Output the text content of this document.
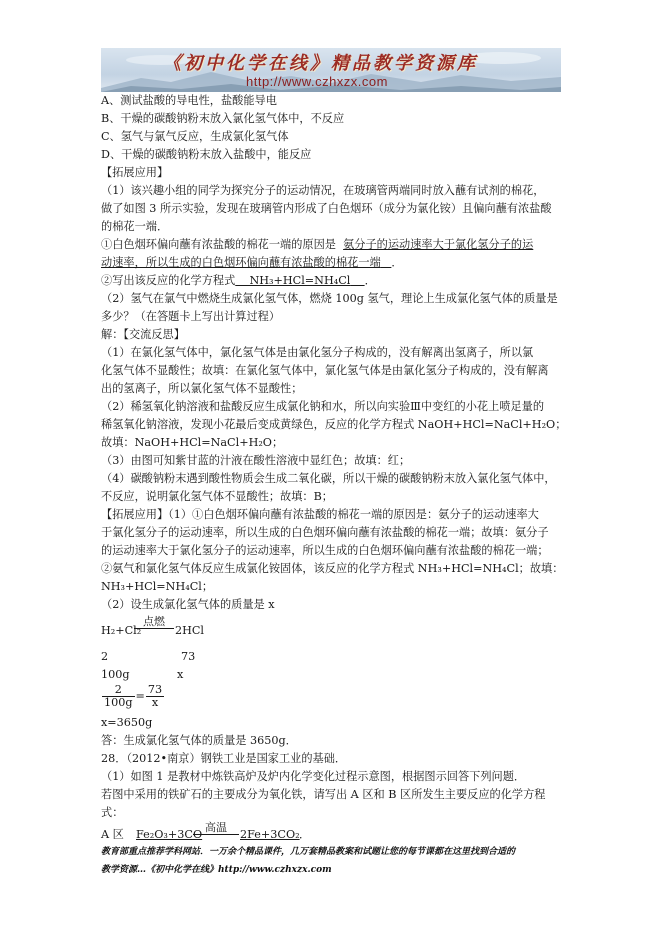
《初中化学在线》精品教学资源库
http://www.czhxzx.com
A、测试盐酸的导电性，盐酸能导电
B、干燥的碳酸钠粉末放入氯化氢气体中，不反应
C、氢气与氯气反应，生成氯化氢气体
D、干燥的碳酸钠粉末放入盐酸中，能反应
【拓展应用】
（1）该兴趣小组的同学为探究分子的运动情况，在玻璃管两端同时放入蘸有试剂的棉花，
做了如图 3 所示实验，发现在玻璃管内形成了白色烟环（成分为氯化铵）且偏向蘸有浓盐酸
的棉花一端．
①白色烟环偏向蘸有浓盐酸的棉花一端的原因是 氨分子的运动速率大于氯化氢分子的运
动速率，所以生成的白色烟环偏向蘸有浓盐酸的棉花一端 ．
②写出该反应的化学方程式 NH₃+HCl=NH₄Cl ．
（2）氢气在氯气中燃烧生成氯化氢气体，燃烧 100g 氢气，理论上生成氯化氢气体的质量是
多少？（在答题卡上写出计算过程）
解：【交流反思】
（1）在氯化氢气体中，氯化氢气体是由氯化氢分子构成的，没有解离出氢离子，所以氯
化氢气体不显酸性；故填：在氯化氢气体中，氯化氢气体是由氯化氢分子构成的，没有解离
出的氢离子，所以氯化氢气体不显酸性；
（2）稀氢氧化钠溶液和盐酸反应生成氯化钠和水，所以向实验Ⅲ中变红的小花上喷足量的
稀氢氧化钠溶液，发现小花最后变成黄绿色，反应的化学方程式 NaOH+HCl=NaCl+H₂O；
故填：NaOH+HCl=NaCl+H₂O；
（3）由图可知紫甘蓝的汁液在酸性溶液中显红色；故填：红；
（4）碳酸钠粉末遇到酸性物质会生成二氧化碳，所以干燥的碳酸钠粉末放入氯化氢气体中，
不反应，说明氯化氢气体不显酸性；故填：B；
【拓展应用】（1）①白色烟环偏向蘸有浓盐酸的棉花一端的原因是：氨分子的运动速率大
于氯化氢分子的运动速率，所以生成的白色烟环偏向蘸有浓盐酸的棉花一端；故填：氨分子
的运动速率大于氯化氢分子的运动速率，所以生成的白色烟环偏向蘸有浓盐酸的棉花一端；
②氨气和氯化氢气体反应生成氯化铵固体，该反应的化学方程式 NH₃+HCl=NH₄Cl；故填：
NH₃+HCl=NH₄Cl；
（2）设生成氯化氢气体的质量是 x
H₂+Cl₂
点燃
2HCl
2	73
100g	x
$\frac{2}{100g} = \frac{73}{x}$
x=3650g
答：生成氯化氢气体的质量是 3650g．
28．（2012•南京）钢铁工业是国家工业的基础．
（1）如图 1 是教材中炼铁高炉及炉内化学变化过程示意图，根据图示回答下列问题．
若图中采用的铁矿石的主要成分为氧化铁，请写出 A 区和 B 区所发生主要反应的化学方程
式：
A 区 Fe₂O₃+3CO
高温
2Fe+3CO₂ ．
教育部重点推荐学科网站．一万余个精品课件，几万套精品教案和试题让您的每节课都在这里找到合适的
教学资源…《初中化学在线》http://www.czhxzx.com
